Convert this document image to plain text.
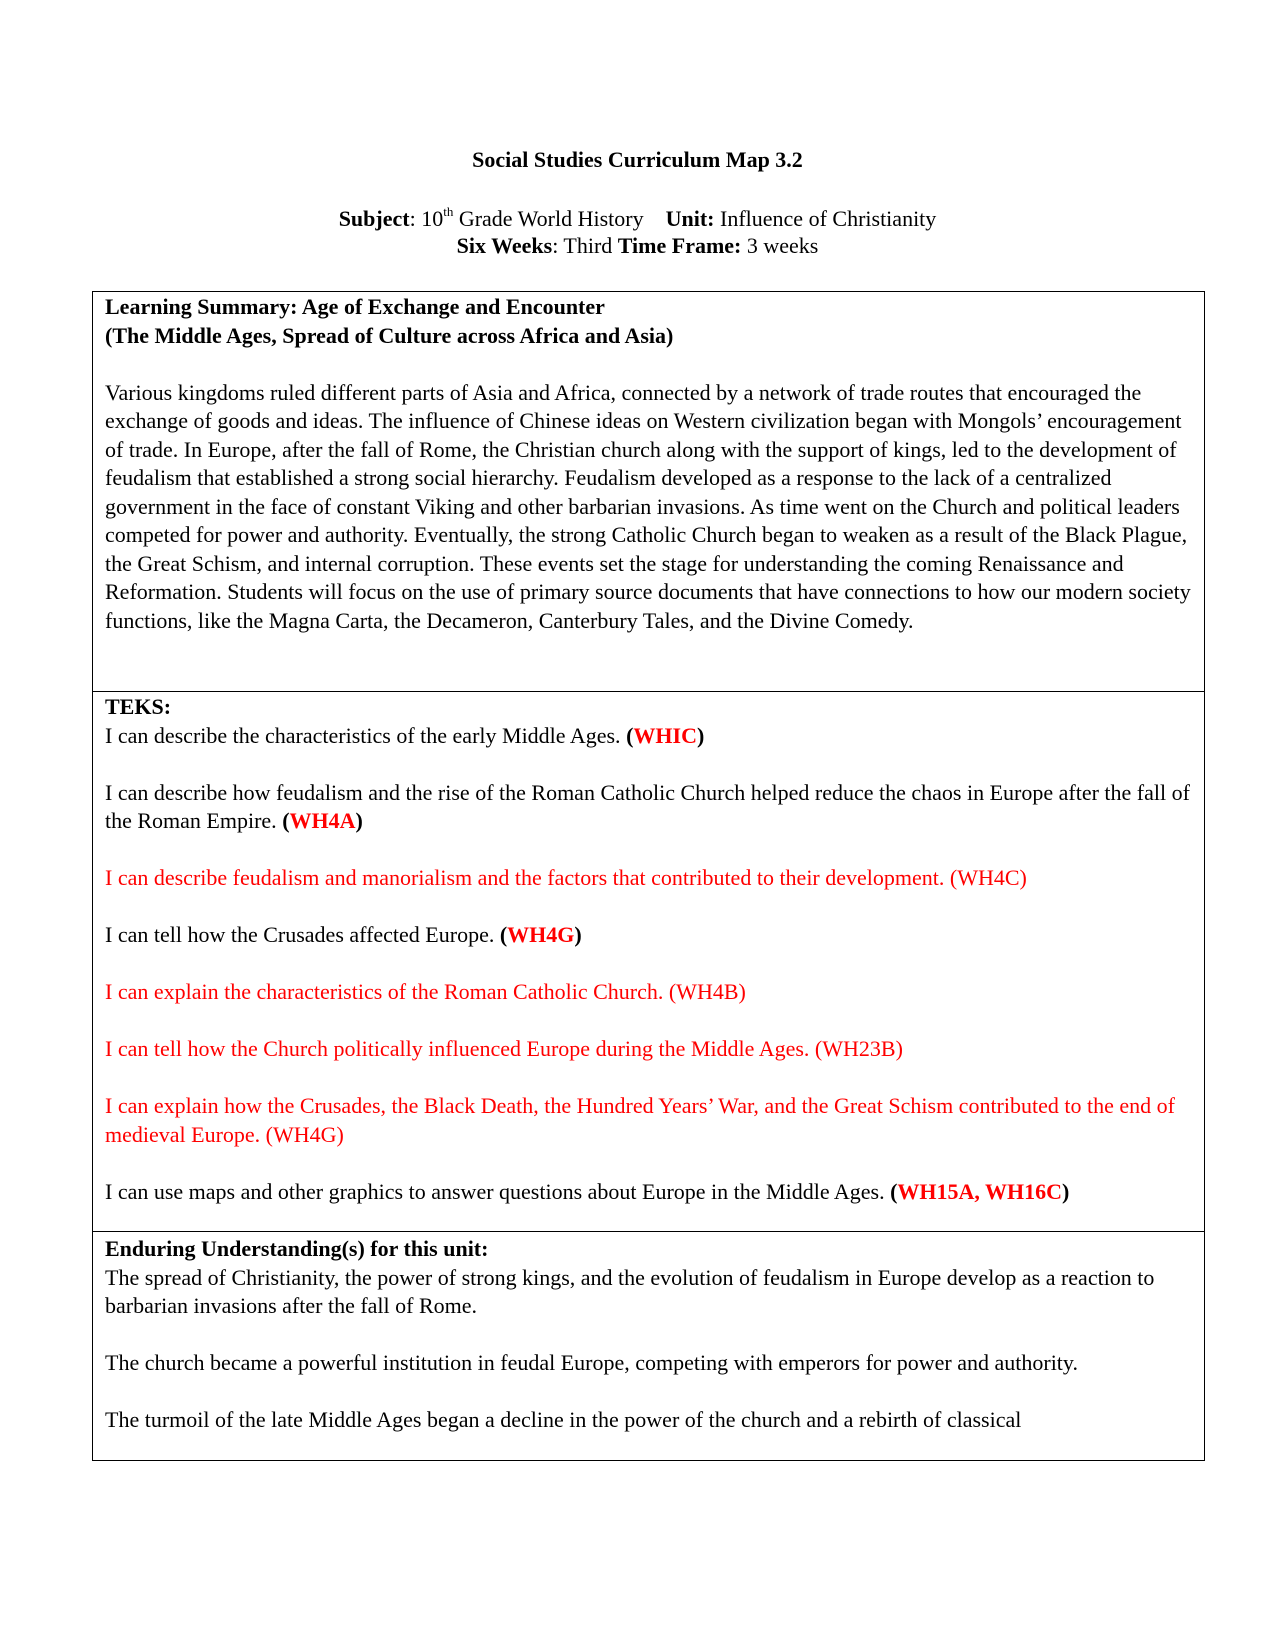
Social Studies Curriculum Map 3.2
Subject: 10th Grade World History Unit: Influence of Christianity
Six Weeks: Third Time Frame: 3 weeks

Learning Summary: Age of Exchange and Encounter

(The Middle Ages, Spread of Culture across Africa and Asia)

Various kingdoms ruled different parts of Asia and Africa, connected by a network of trade routes that encouraged the exchange of goods and ideas. The influence of Chinese ideas on Western civilization began with Mongols’ encouragement of trade. In Europe, after the fall of Rome, the Christian church along with the support of kings, led to the development of feudalism that established a strong social hierarchy. Feudalism developed as a response to the lack of a centralized government in the face of constant Viking and other barbarian invasions. As time went on the Church and political leaders competed for power and authority. Eventually, the strong Catholic Church began to weaken as a result of the Black Plague, the Great Schism, and internal corruption. These events set the stage for understanding the coming Renaissance and Reformation. Students will focus on the use of primary source documents that have connections to how our modern society functions, like the Magna Carta, the Decameron, Canterbury Tales, and the Divine Comedy.

TEKS:

I can describe the characteristics of the early Middle Ages. (WHIC)

I can describe how feudalism and the rise of the Roman Catholic Church helped reduce the chaos in Europe after the fall of the Roman Empire. (WH4A)

I can describe feudalism and manorialism and the factors that contributed to their development. (WH4C)

I can tell how the Crusades affected Europe. (WH4G)

I can explain the characteristics of the Roman Catholic Church. (WH4B)

I can tell how the Church politically influenced Europe during the Middle Ages. (WH23B)

I can explain how the Crusades, the Black Death, the Hundred Years’ War, and the Great Schism contributed to the end of medieval Europe. (WH4G)

I can use maps and other graphics to answer questions about Europe in the Middle Ages. (WH15A, WH16C)

Enduring Understanding(s) for this unit:

The spread of Christianity, the power of strong kings, and the evolution of feudalism in Europe develop as a reaction to barbarian invasions after the fall of Rome.

The church became a powerful institution in feudal Europe, competing with emperors for power and authority.

The turmoil of the late Middle Ages began a decline in the power of the church and a rebirth of classical
